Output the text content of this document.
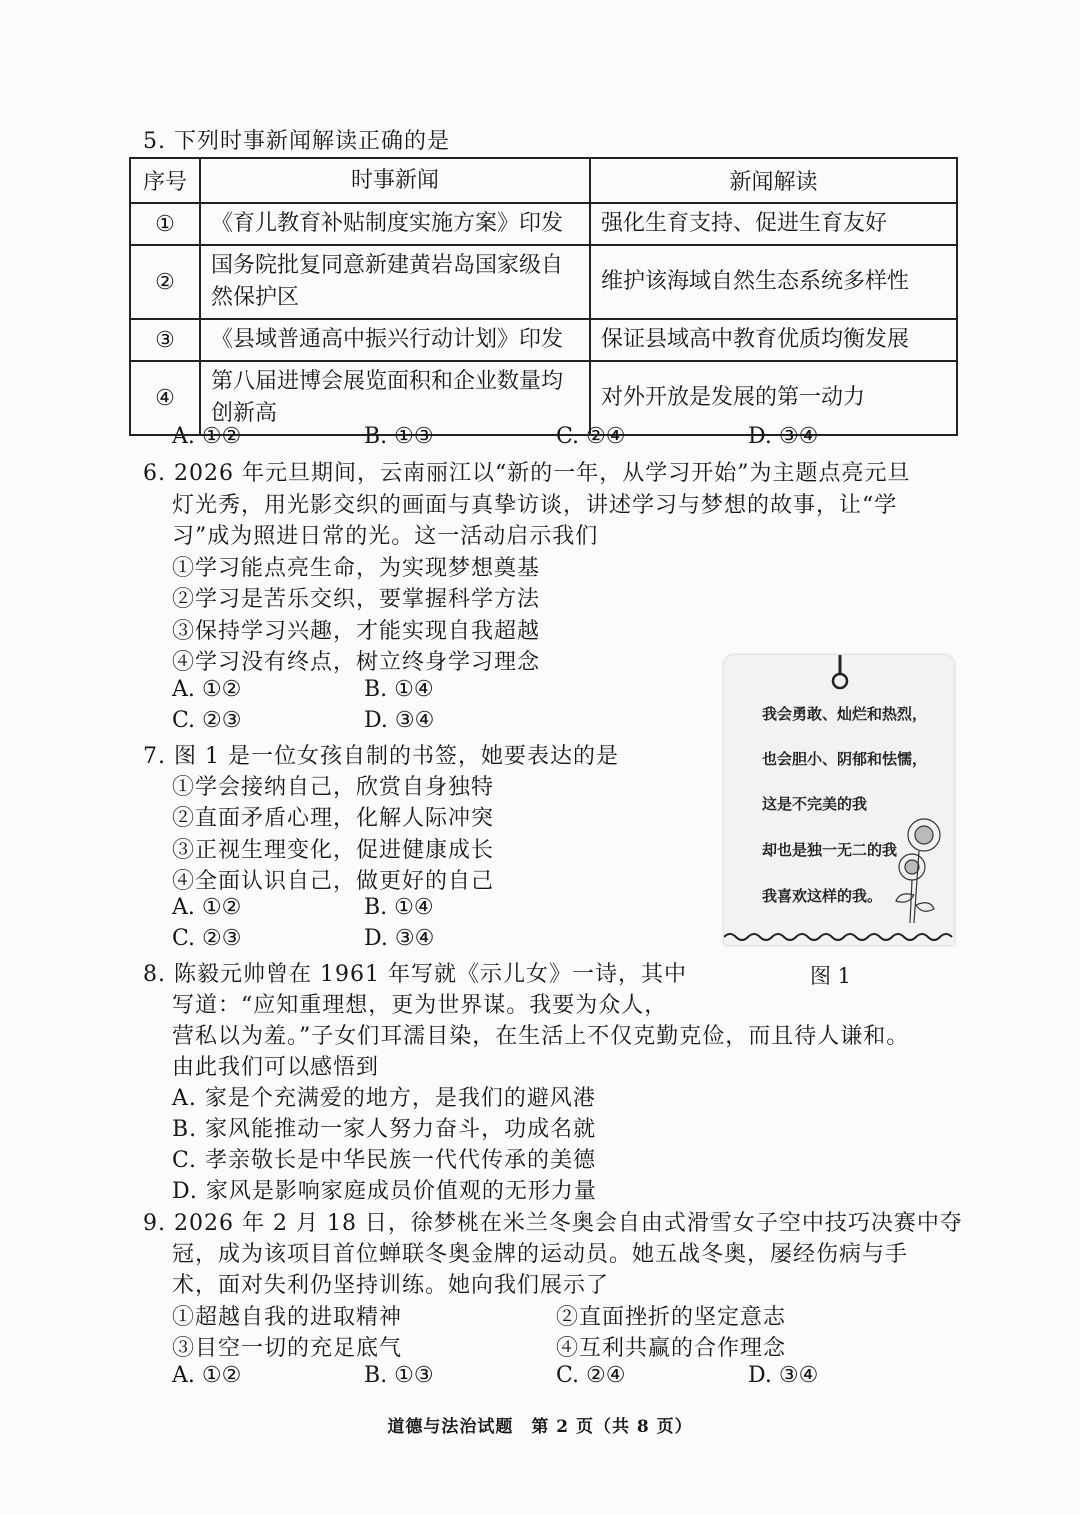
5. 下列时事新闻解读正确的是
序号	时事新闻	新闻解读
①	《育儿教育补贴制度实施方案》印发	强化生育支持、促进生育友好
②	国务院批复同意新建黄岩岛国家级自然保护区	维护该海域自然生态系统多样性
③	《县域普通高中振兴行动计划》印发	保证县域高中教育优质均衡发展
④	第八届进博会展览面积和企业数量均创新高	对外开放是发展的第一动力
A. ①②	B. ①③	C. ②④	D. ③④
6. 2026 年元旦期间，云南丽江以“新的一年，从学习开始”为主题点亮元旦
灯光秀，用光影交织的画面与真挚访谈，讲述学习与梦想的故事，让“学
习”成为照进日常的光。这一活动启示我们
①学习能点亮生命，为实现梦想奠基
②学习是苦乐交织，要掌握科学方法
③保持学习兴趣，才能实现自我超越
④学习没有终点，树立终身学习理念
A. ①②	B. ①④
C. ②③	D. ③④
7. 图 1 是一位女孩自制的书签，她要表达的是
①学会接纳自己，欣赏自身独特
②直面矛盾心理，化解人际冲突
③正视生理变化，促进健康成长
④全面认识自己，做更好的自己
A. ①②	B. ①④
C. ②③	D. ③④
我会勇敢、灿烂和热烈，
也会胆小、阴郁和怯懦，
这是不完美的我
却也是独一无二的我
我喜欢这样的我。
图 1
8. 陈毅元帅曾在 1961 年写就《示儿女》一诗，其中
写道：“应知重理想，更为世界谋。我要为众人，
营私以为羞。”子女们耳濡目染，在生活上不仅克勤克俭，而且待人谦和。
由此我们可以感悟到
A. 家是个充满爱的地方，是我们的避风港
B. 家风能推动一家人努力奋斗，功成名就
C. 孝亲敬长是中华民族一代代传承的美德
D. 家风是影响家庭成员价值观的无形力量
9. 2026 年 2 月 18 日，徐梦桃在米兰冬奥会自由式滑雪女子空中技巧决赛中夺
冠，成为该项目首位蝉联冬奥金牌的运动员。她五战冬奥，屡经伤病与手
术，面对失利仍坚持训练。她向我们展示了
①超越自我的进取精神	②直面挫折的坚定意志
③目空一切的充足底气	④互利共赢的合作理念
A. ①②	B. ①③	C. ②④	D. ③④
道德与法治试题　第 2 页（共 8 页）
